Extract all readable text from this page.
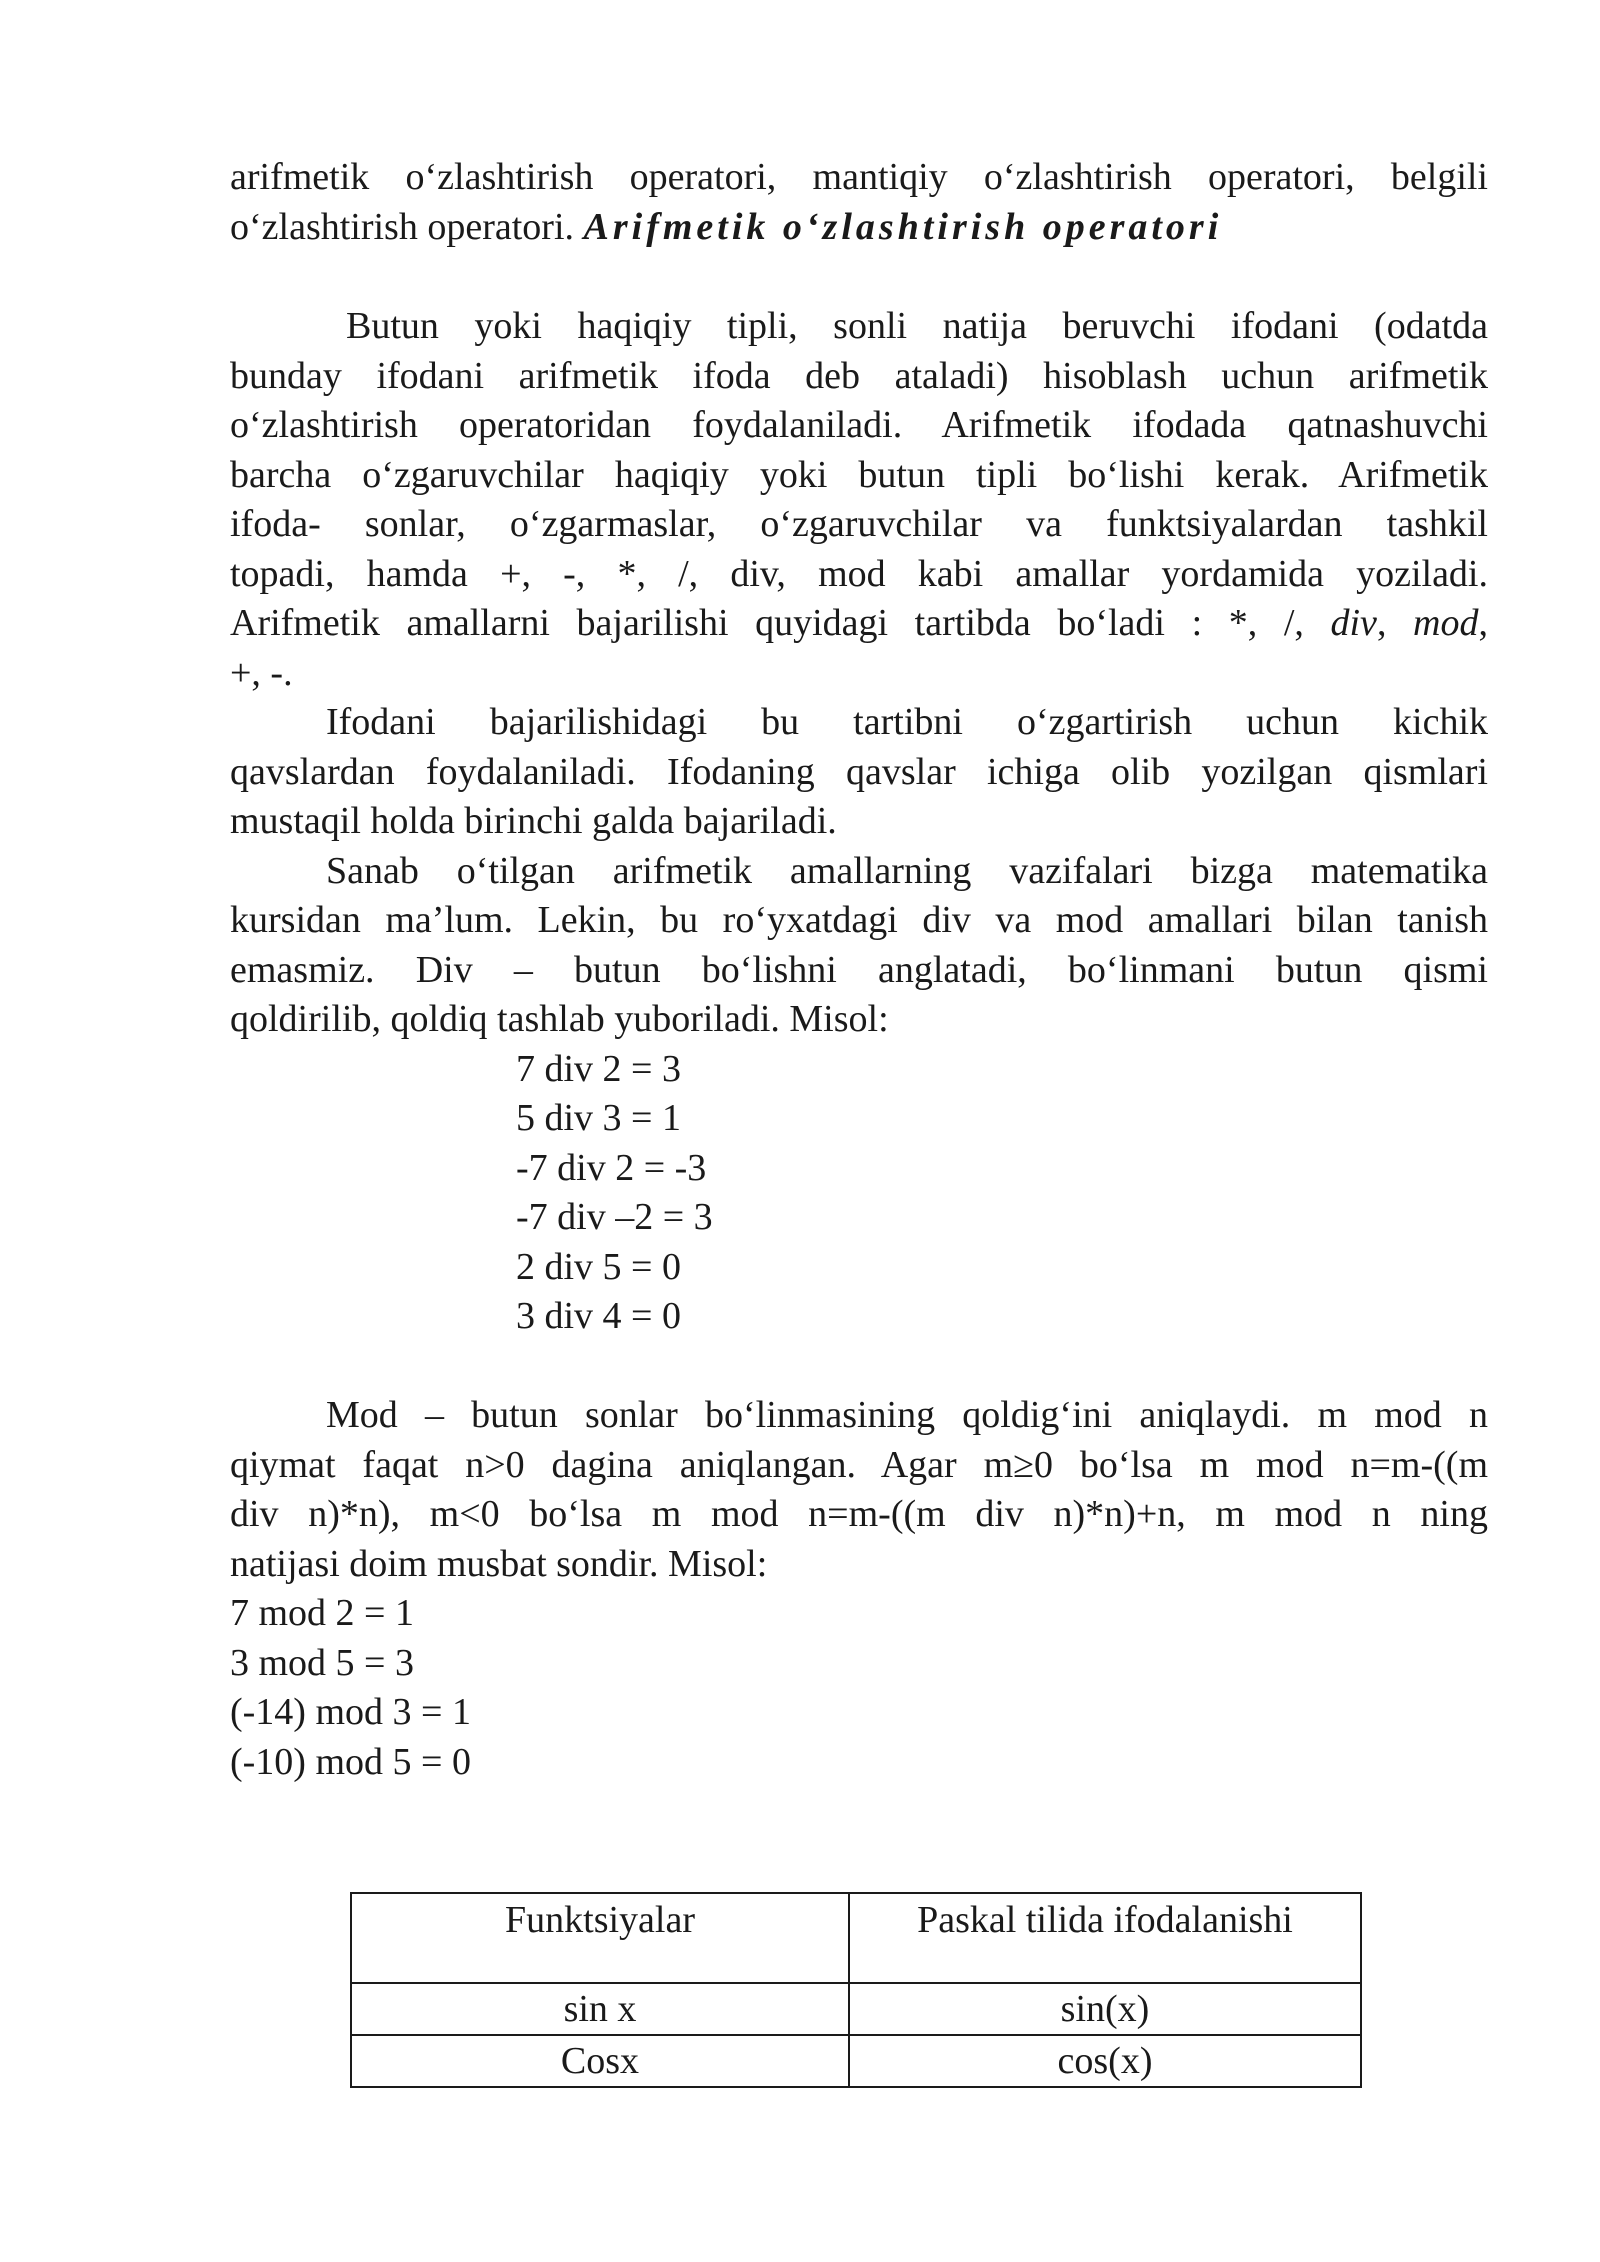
arifmetik o‘zlashtirish operatori, mantiqiy o‘zlashtirish operatori, belgili
o‘zlashtirish operatori. Arifmetik o‘zlashtirish operatori
Butun yoki haqiqiy tipli, sonli natija beruvchi ifodani (odatda
bunday ifodani arifmetik ifoda deb ataladi) hisoblash uchun arifmetik
o‘zlashtirish operatoridan foydalaniladi. Arifmetik ifodada qatnashuvchi
barcha o‘zgaruvchilar haqiqiy yoki butun tipli bo‘lishi kerak. Arifmetik
ifoda- sonlar, o‘zgarmaslar, o‘zgaruvchilar va funktsiyalardan tashkil
topadi, hamda +, -, *, /, div, mod kabi amallar yordamida yoziladi.
Arifmetik amallarni bajarilishi quyidagi tartibda bo‘ladi : *, /, div, mod,
+, -.
Ifodani bajarilishidagi bu tartibni o‘zgartirish uchun kichik
qavslardan foydalaniladi. Ifodaning qavslar ichiga olib yozilgan qismlari
mustaqil holda birinchi galda bajariladi.
Sanab o‘tilgan arifmetik amallarning vazifalari bizga matematika
kursidan ma’lum. Lekin, bu ro‘yxatdagi div va mod amallari bilan tanish
emasmiz. Div – butun bo‘lishni anglatadi, bo‘linmani butun qismi
qoldirilib, qoldiq tashlab yuboriladi. Misol:
7 div 2 = 3
5 div 3 = 1
-7 div 2 = -3
-7 div –2 = 3
2 div 5 = 0
3 div 4 = 0
Mod – butun sonlar bo‘linmasining qoldig‘ini aniqlaydi. m mod n
qiymat faqat n>0 dagina aniqlangan. Agar m≥0 bo‘lsa m mod n=m-((m
div n)*n), m<0 bo‘lsa m mod n=m-((m div n)*n)+n, m mod n ning
natijasi doim musbat sondir. Misol:
7 mod 2 = 1
3 mod 5 = 3
(-14) mod 3 = 1
(-10) mod 5 = 0
Funktsiyalar	Paskal tilida ifodalanishi
sin x	sin(x)
Cosx	cos(x)
